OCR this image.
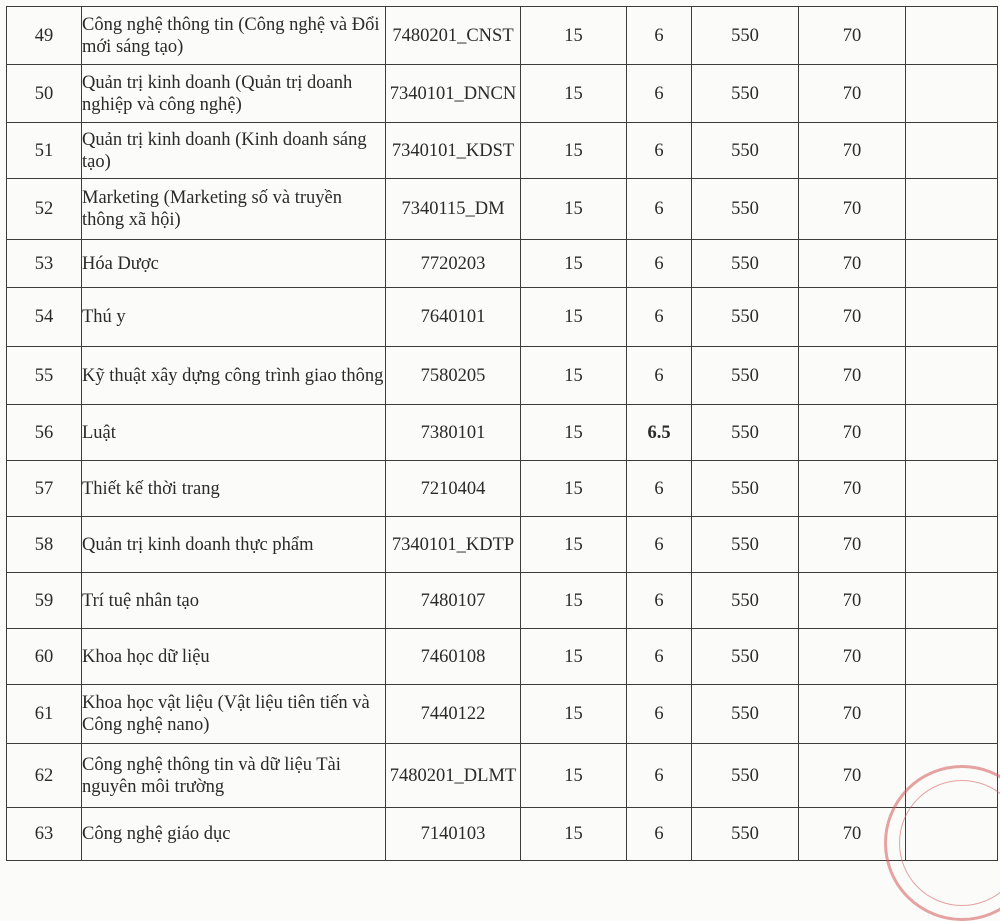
49	Công nghệ thông tin (Công nghệ và Đổi mới sáng tạo)	7480201_CNST	15	6	550	70	
50	Quản trị kinh doanh (Quản trị doanh nghiệp và công nghệ)	7340101_DNCN	15	6	550	70	
51	Quản trị kinh doanh (Kinh doanh sáng tạo)	7340101_KDST	15	6	550	70	
52	Marketing (Marketing số và truyền thông xã hội)	7340115_DM	15	6	550	70	
53	Hóa Dược	7720203	15	6	550	70	
54	Thú y	7640101	15	6	550	70	
55	Kỹ thuật xây dựng công trình giao thông	7580205	15	6	550	70	
56	Luật	7380101	15	6.5	550	70	
57	Thiết kế thời trang	7210404	15	6	550	70	
58	Quản trị kinh doanh thực phẩm	7340101_KDTP	15	6	550	70	
59	Trí tuệ nhân tạo	7480107	15	6	550	70	
60	Khoa học dữ liệu	7460108	15	6	550	70	
61	Khoa học vật liệu (Vật liệu tiên tiến và Công nghệ nano)	7440122	15	6	550	70	
62	Công nghệ thông tin và dữ liệu Tài nguyên môi trường	7480201_DLMT	15	6	550	70	
63	Công nghệ giáo dục	7140103	15	6	550	70	
